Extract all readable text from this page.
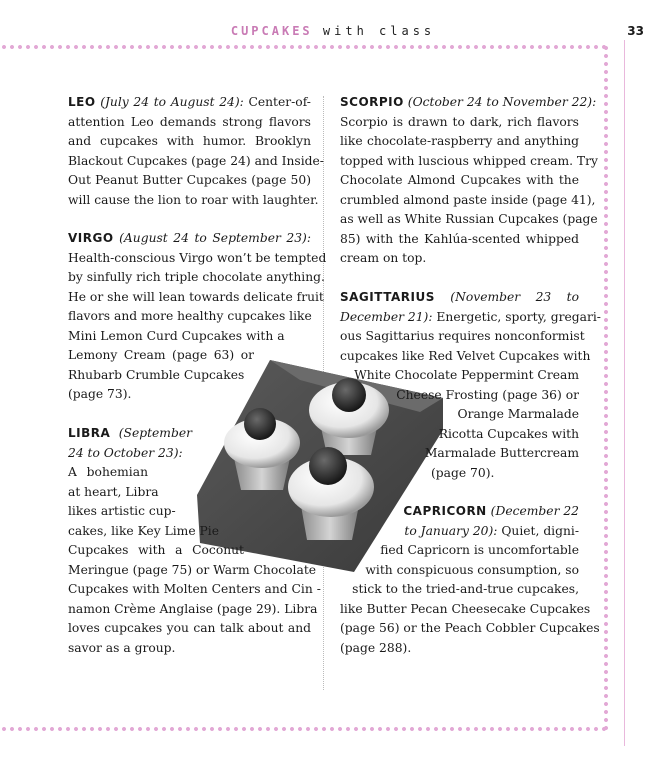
CUPCAKES with class	33

LEO (July 24 to August 24): Center-of-
attention Leo demands strong flavors
and cupcakes with humor. Brooklyn
Blackout Cupcakes (page 24) and Inside-
Out Peanut Butter Cupcakes (page 50)
will cause the lion to roar with laughter.

VIRGO (August 24 to September 23):
Health-conscious Virgo won’t be tempted
by sinfully rich triple chocolate anything.
He or she will lean towards delicate fruit
flavors and more healthy cupcakes like
Mini Lemon Curd Cupcakes with a
Lemony Cream (page 63) or
Rhubarb Crumble Cupcakes
(page 73).

LIBRA (September
24 to October 23):
A bohemian
at heart, Libra
likes artistic cup-
cakes, like Key Lime Pie
Cupcakes with a Coconut
Meringue (page 75) or Warm Chocolate
Cupcakes with Molten Centers and Cin -
namon Crème Anglaise (page 29). Libra
loves cupcakes you can talk about and
savor as a group.

SCORPIO (October 24 to November 22):
Scorpio is drawn to dark, rich flavors
like chocolate-raspberry and anything
topped with luscious whipped cream. Try
Chocolate Almond Cupcakes with the
crumbled almond paste inside (page 41),
as well as White Russian Cupcakes (page
85) with the Kahlúa-scented whipped
cream on top.

SAGITTARIUS (November 23 to
December 21): Energetic, sporty, gregari-
ous Sagittarius requires nonconformist
cupcakes like Red Velvet Cupcakes with
White Chocolate Peppermint Cream
Cheese Frosting (page 36) or
Orange Marmalade
Ricotta Cupcakes with
Marmalade Buttercream
(page 70).

CAPRICORN (December 22
to January 20): Quiet, digni-
fied Capricorn is uncomfortable
with conspicuous consumption, so
stick to the tried-and-true cupcakes,
like Butter Pecan Cheesecake Cupcakes
(page 56) or the Peach Cobbler Cupcakes
(page 288).
